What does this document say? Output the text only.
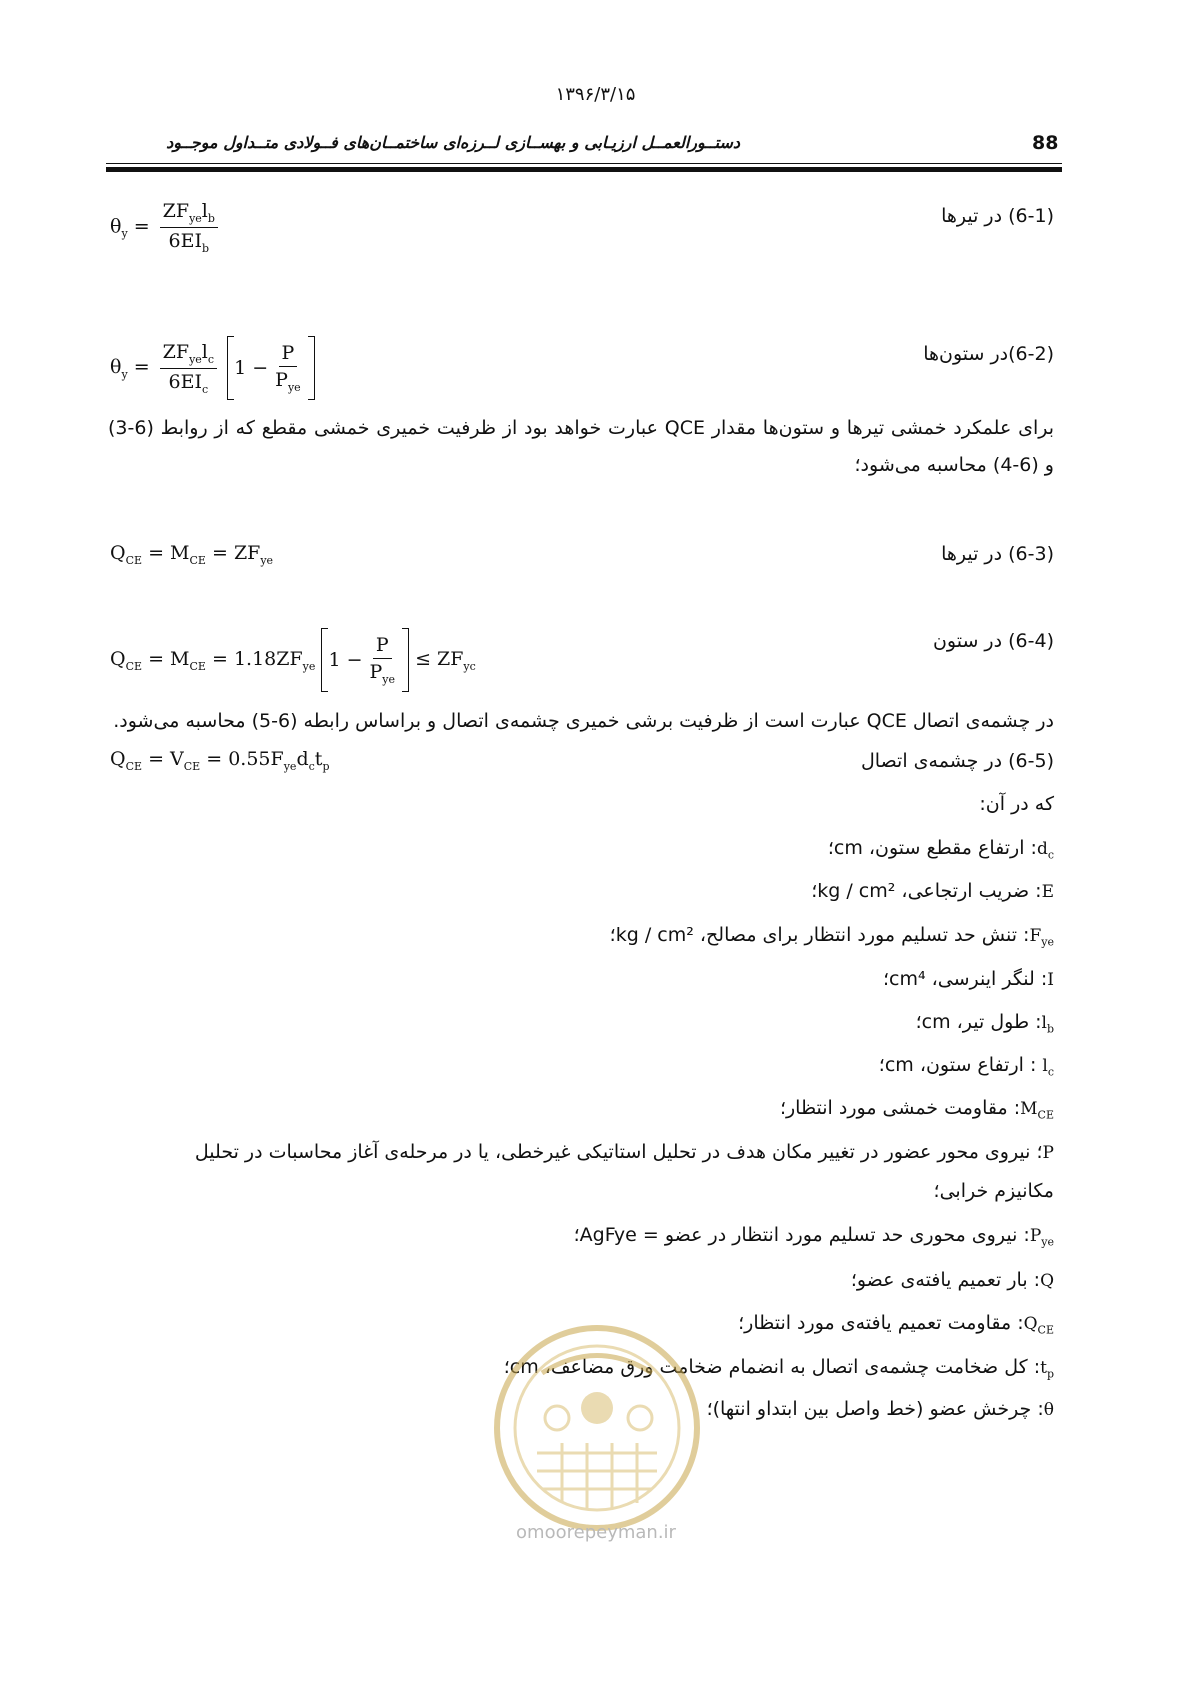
۱۳۹۶/۳/۱۵
88
دستــورالعمــل ارزیـابی و بهســازی لــرزه‌ای ساختمــان‌های فــولادی متــداول موجــود
(6-1) در تیرها
$\theta_y = \frac{ZF_{ye}l_b}{6EI_b}$
(6-2)در ستون‌ها
$\theta_y = \frac{ZF_{ye}l_c}{6EI_c} 1 - \frac{P}{P_{ye}}$
برای علمکرد خمشی تیرها و ستون‌ها مقدار QCE عبارت خواهد بود از ظرفیت خمیری خمشی مقطع که از روابط (6-3) و (6-4) محاسبه می‌شود؛
(6-3) در تیرها
$Q_{CE} = M_{CE} = ZF_{ye}$
(6-4) در ستون
$Q_{CE} = M_{CE} = 1.18ZF_{ye}$ $1 - \frac{P}{P_{ye}} \le ZF_{yc}$
در چشمه‌ی اتصال QCE عبارت است از ظرفیت برشی خمیری چشمه‌ی اتصال و براساس رابطه (6-5) محاسبه می‌شود.
(6-5) در چشمه‌ی اتصال
$Q_{CE} = V_{CE} = 0.55F_{ye}d_ct_p$
که در آن:
$d_c$: ارتفاع مقطع ستون، cm؛
E: ضریب ارتجاعی، kg / cm²؛
$F_{ye}$: تنش حد تسلیم مورد انتظار برای مصالح، kg / cm²؛
I: لنگر اینرسی، cm⁴؛
$l_b$: طول تیر، cm؛
$l_c$ : ارتفاع ستون، cm؛
$M_{CE}$: مقاومت خمشی مورد انتظار؛
P؛ نیروی محور عضور در تغییر مکان هدف در تحلیل استاتیکی غیرخطی، یا در مرحله‌ی آغاز محاسبات در تحلیل
مکانیزم خرابی؛
$P_{ye}$: نیروی محوری حد تسلیم مورد انتظار در عضو = AgFye؛
Q: بار تعمیم یافته‌ی عضو؛
$Q_{CE}$: مقاومت تعمیم یافته‌ی مورد انتظار؛
$t_p$: کل ضخامت چشمه‌ی اتصال به انضمام ضخامت ورق مضاعف، cm؛
θ: چرخش عضو (خط واصل بین ابتداو انتها)؛
omoorepeyman.ir
